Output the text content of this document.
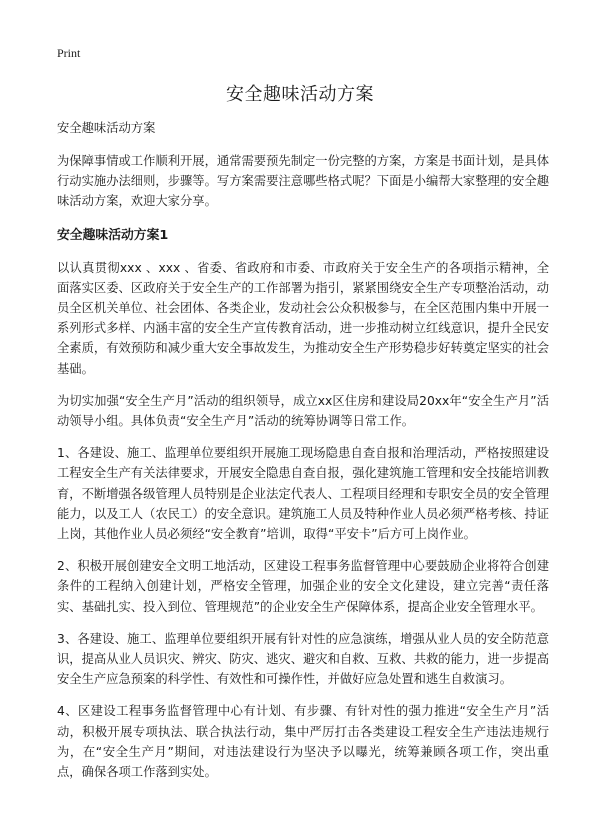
Print
安全趣味活动方案
安全趣味活动方案

为保障事情或工作顺利开展，通常需要预先制定一份完整的方案，方案是书面计划，是具体行动实施办法细则，步骤等。写方案需要注意哪些格式呢？下面是小编帮大家整理的安全趣味活动方案，欢迎大家分享。

安全趣味活动方案1

以认真贯彻xxx 、xxx 、省委、省政府和市委、市政府关于安全生产的各项指示精神，全面落实区委、区政府关于安全生产的工作部署为指引，紧紧围绕安全生产专项整治活动，动员全区机关单位、社会团体、各类企业，发动社会公众积极参与，在全区范围内集中开展一系列形式多样、内涵丰富的安全生产宣传教育活动，进一步推动树立红线意识，提升全民安全素质，有效预防和减少重大安全事故发生，为推动安全生产形势稳步好转奠定坚实的社会基础。

为切实加强“安全生产月”活动的组织领导，成立xx区住房和建设局20xx年“安全生产月”活动领导小组。具体负责“安全生产月”活动的统筹协调等日常工作。

1、各建设、施工、监理单位要组织开展施工现场隐患自查自报和治理活动，严格按照建设工程安全生产有关法律要求，开展安全隐患自查自报，强化建筑施工管理和安全技能培训教育，不断增强各级管理人员特别是企业法定代表人、工程项目经理和专职安全员的安全管理能力，以及工人（农民工）的安全意识。建筑施工人员及特种作业人员必须严格考核、持证上岗，其他作业人员必须经“安全教育”培训，取得“平安卡”后方可上岗作业。

2、积极开展创建安全文明工地活动，区建设工程事务监督管理中心要鼓励企业将符合创建条件的工程纳入创建计划，严格安全管理，加强企业的安全文化建设，建立完善“责任落实、基础扎实、投入到位、管理规范”的企业安全生产保障体系，提高企业安全管理水平。

3、各建设、施工、监理单位要组织开展有针对性的应急演练，增强从业人员的安全防范意识，提高从业人员识灾、辨灾、防灾、逃灾、避灾和自救、互救、共救的能力，进一步提高安全生产应急预案的科学性、有效性和可操作性，并做好应急处置和逃生自救演习。

4、区建设工程事务监督管理中心有计划、有步骤、有针对性的强力推进“安全生产月”活动，积极开展专项执法、联合执法行动，集中严厉打击各类建设工程安全生产违法违规行为，在“安全生产月”期间，对违法建设行为坚决予以曝光，统筹兼顾各项工作，突出重点，确保各项工作落到实处。
